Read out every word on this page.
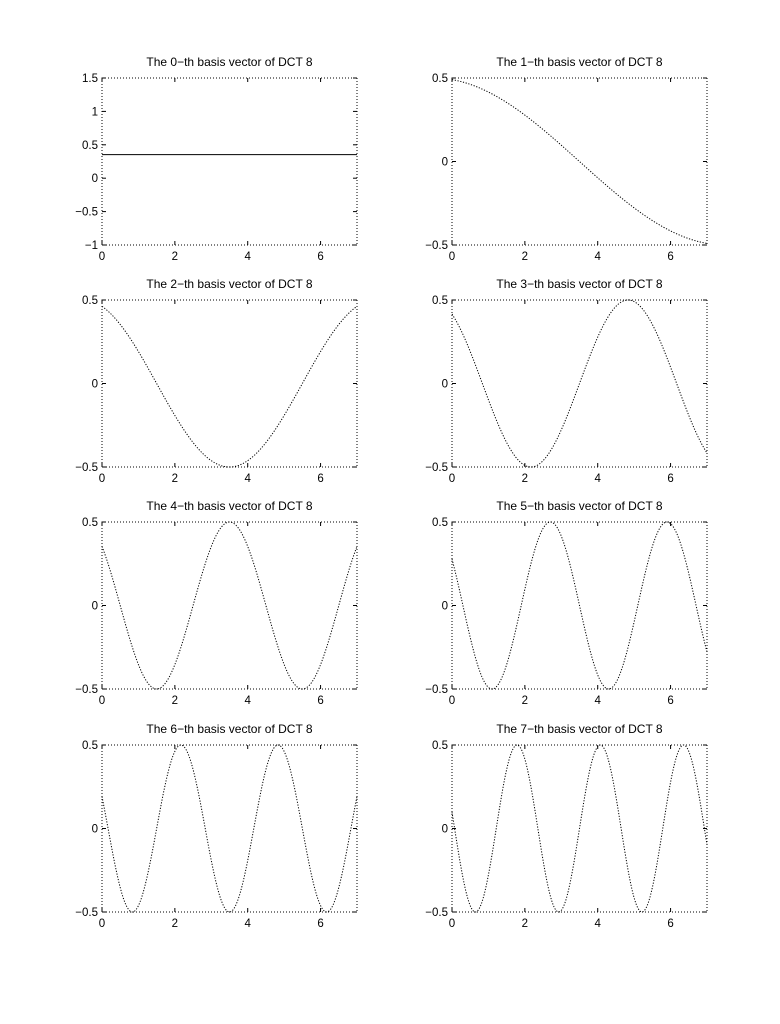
The 0−th basis vector of DCT 8
0	2	4	6
−1
−0.5
0
0.5
1
1.5
The 1−th basis vector of DCT 8
0	2	4	6
−0.5
0
0.5
The 2−th basis vector of DCT 8
0	2	4	6
−0.5
0
0.5
The 3−th basis vector of DCT 8
0	2	4	6
−0.5
0
0.5
The 4−th basis vector of DCT 8
0	2	4	6
−0.5
0
0.5
The 5−th basis vector of DCT 8
0	2	4	6
−0.5
0
0.5
The 6−th basis vector of DCT 8
0	2	4	6
−0.5
0
0.5
The 7−th basis vector of DCT 8
0	2	4	6
−0.5
0
0.5
